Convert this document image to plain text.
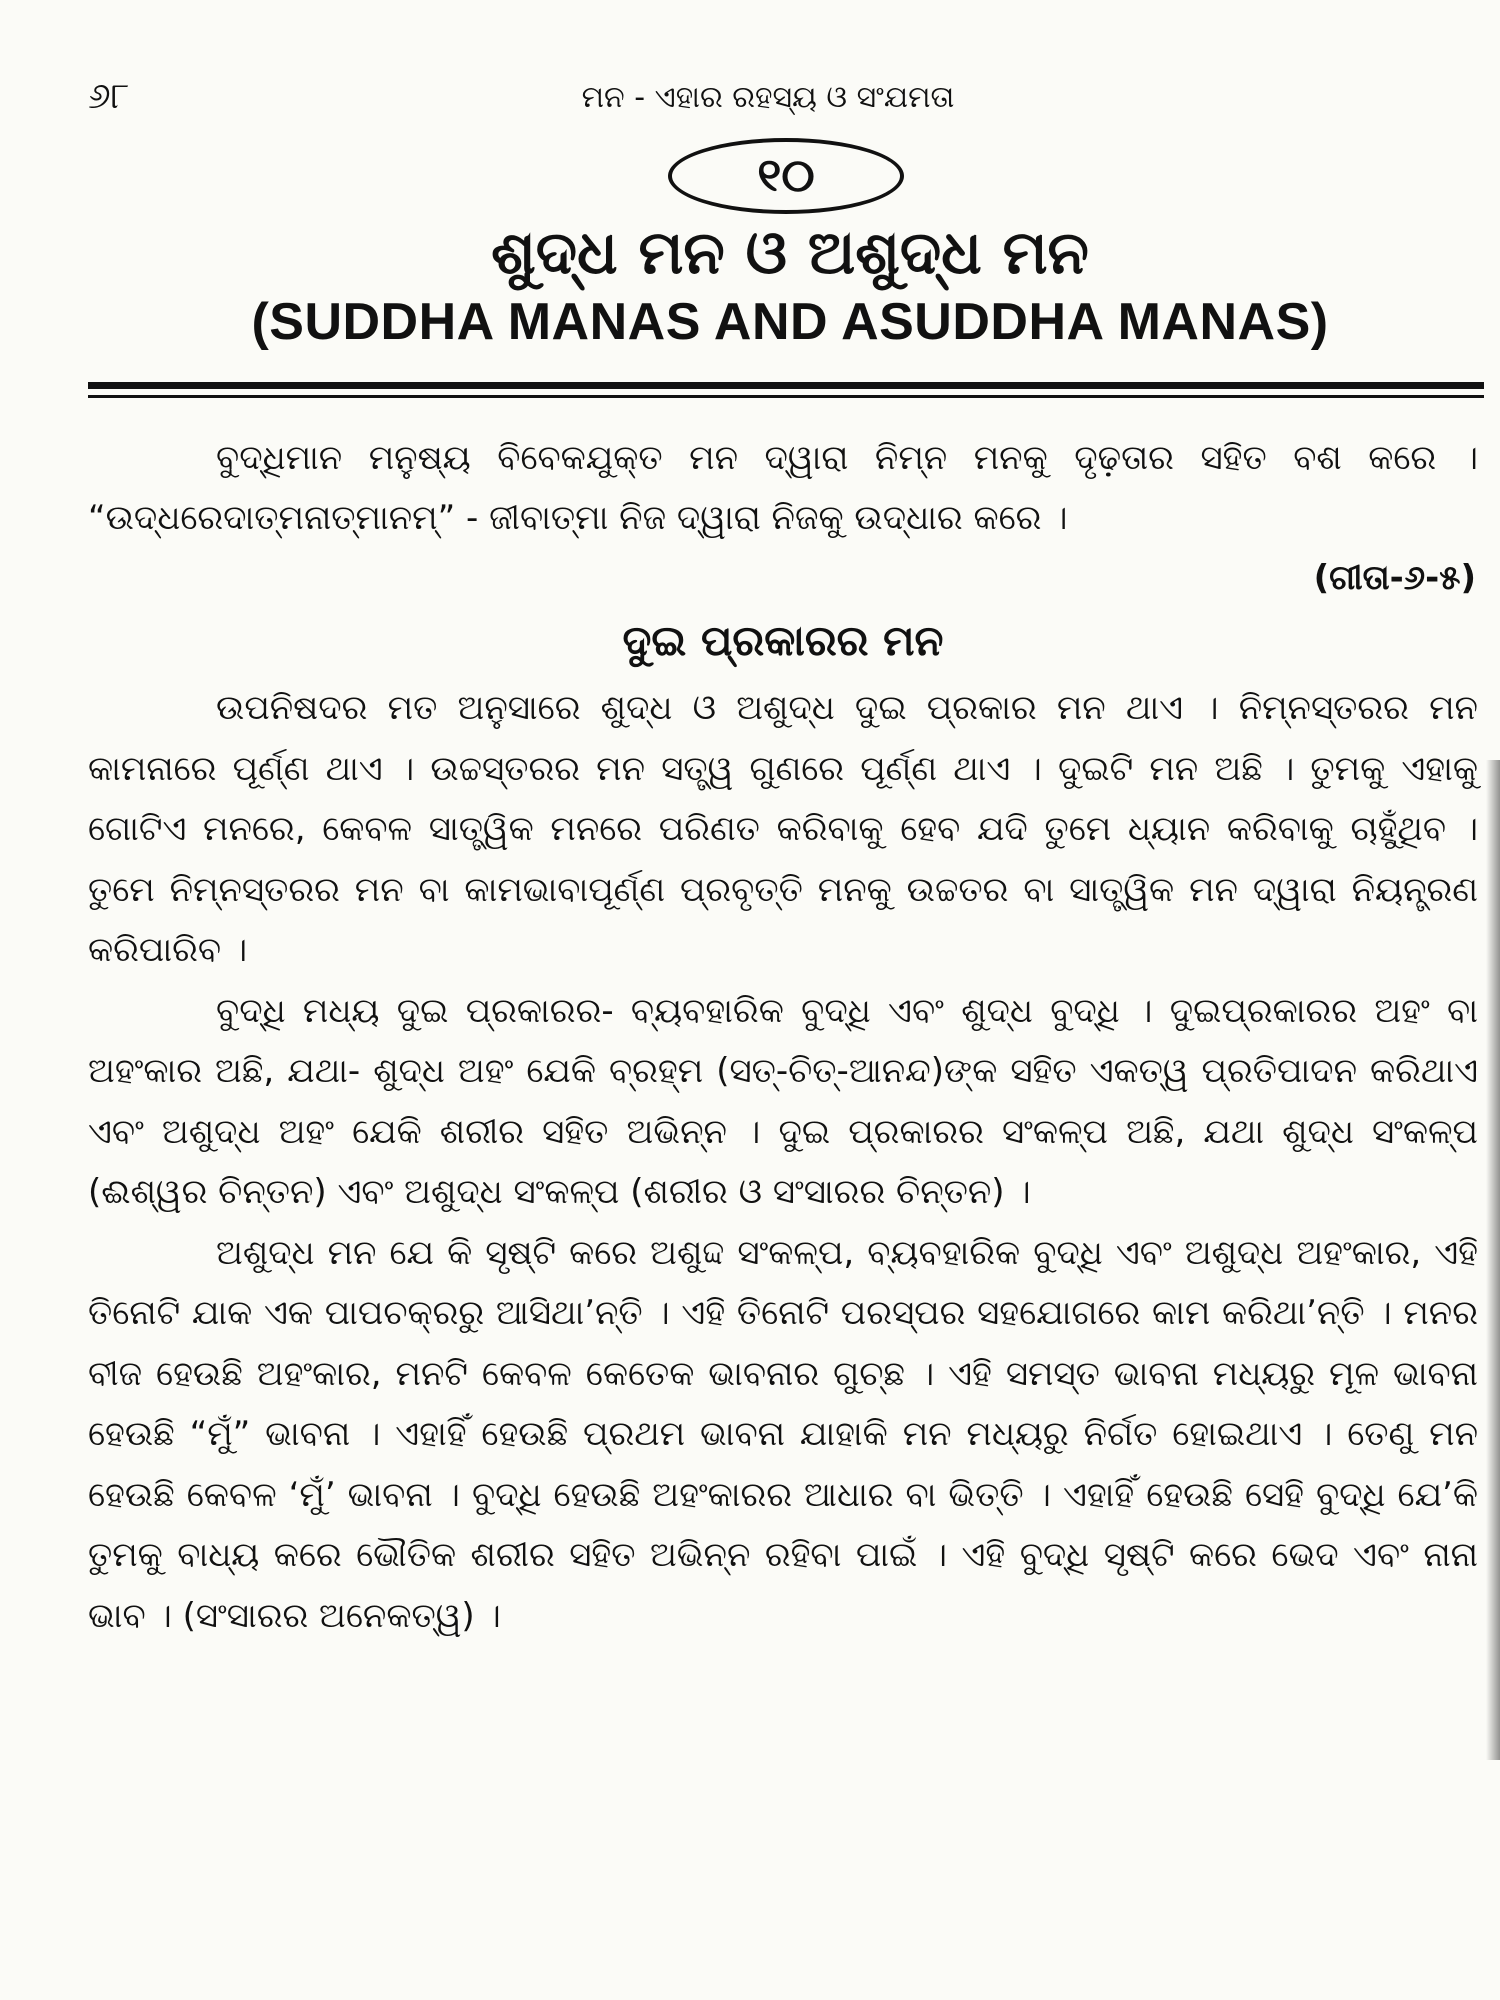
୬୮	ମନ - ଏହାର ରହସ୍ୟ ଓ ସଂଯମତା
୧୦
ଶୁଦ୍ଧ ମନ ଓ ଅଶୁଦ୍ଧ ମନ
(SUDDHA MANAS AND ASUDDHA MANAS)

ବୁଦ୍ଧିମାନ ମନୁଷ୍ୟ ବିବେକଯୁକ୍ତ ମନ ଦ୍ୱାରା ନିମ୍ନ ମନକୁ ଦୃଢ଼ତାର ସହିତ ବଶ କରେ । “ଉଦ୍ଧରେଦାତ୍ମନାତ୍ମାନମ୍” - ଜୀବାତ୍ମା ନିଜ ଦ୍ୱାରା ନିଜକୁ ଉଦ୍ଧାର କରେ ।

(ଗୀତା-୬-୫)
ଦୁଇ ପ୍ରକାରର ମନ

ଉପନିଷଦର ମତ ଅନୁସାରେ ଶୁଦ୍ଧ ଓ ଅଶୁଦ୍ଧ ଦୁଇ ପ୍ରକାର ମନ ଥାଏ । ନିମ୍ନସ୍ତରର ମନ କାମନାରେ ପୂର୍ଣ୍ଣ ଥାଏ । ଉଚ୍ଚସ୍ତରର ମନ ସତ୍ତ୍ୱ ଗୁଣରେ ପୂର୍ଣ୍ଣ ଥାଏ । ଦୁଇଟି ମନ ଅଛି । ତୁମକୁ ଏହାକୁ ଗୋଟିଏ ମନରେ, କେବଳ ସାତ୍ତ୍ୱିକ ମନରେ ପରିଣତ କରିବାକୁ ହେବ ଯଦି ତୁମେ ଧ୍ୟାନ କରିବାକୁ ଚାହୁଁଥିବ । ତୁମେ ନିମ୍ନସ୍ତରର ମନ ବା କାମଭାବାପୂର୍ଣ୍ଣ ପ୍ରବୃତ୍ତି ମନକୁ ଉଚ୍ଚତର ବା ସାତ୍ତ୍ୱିକ ମନ ଦ୍ୱାରା ନିୟନ୍ତ୍ରଣ କରିପାରିବ ।

ବୁଦ୍ଧି ମଧ୍ୟ ଦୁଇ ପ୍ରକାରର- ବ୍ୟବହାରିକ ବୁଦ୍ଧି ଏବଂ ଶୁଦ୍ଧ ବୁଦ୍ଧି । ଦୁଇପ୍ରକାରର ଅହଂ ବା ଅହଂକାର ଅଛି, ଯଥା- ଶୁଦ୍ଧ ଅହଂ ଯେକି ବ୍ରହ୍ମ (ସତ୍-ଚିତ୍-ଆନନ୍ଦ)ଙ୍କ ସହିତ ଏକତ୍ୱ ପ୍ରତିପାଦନ କରିଥାଏ ଏବଂ ଅଶୁଦ୍ଧ ଅହଂ ଯେକି ଶରୀର ସହିତ ଅଭିନ୍ନ । ଦୁଇ ପ୍ରକାରର ସଂକଳ୍ପ ଅଛି, ଯଥା ଶୁଦ୍ଧ ସଂକଳ୍ପ (ଈଶ୍ୱର ଚିନ୍ତନ) ଏବଂ ଅଶୁଦ୍ଧ ସଂକଳ୍ପ (ଶରୀର ଓ ସଂସାରର ଚିନ୍ତନ) ।

ଅଶୁଦ୍ଧ ମନ ଯେ କି ସୃଷ୍ଟି କରେ ଅଶୁଦ୍ଦ ସଂକଳ୍ପ, ବ୍ୟବହାରିକ ବୁଦ୍ଧି ଏବଂ ଅଶୁଦ୍ଧ ଅହଂକାର, ଏହି ତିନୋଟି ଯାକ ଏକ ପାପଚକ୍ରରୁ ଆସିଥା’ନ୍ତି । ଏହି ତିନୋଟି ପରସ୍ପର ସହଯୋଗରେ କାମ କରିଥା’ନ୍ତି । ମନର ବୀଜ ହେଉଛି ଅହଂକାର, ମନଟି କେବଳ କେତେକ ଭାବନାର ଗୁଚ୍ଛ । ଏହି ସମସ୍ତ ଭାବନା ମଧ୍ୟରୁ ମୂଳ ଭାବନା ହେଉଛି “ମୁଁ” ଭାବନା । ଏହାହିଁ ହେଉଛି ପ୍ରଥମ ଭାବନା ଯାହାକି ମନ ମଧ୍ୟରୁ ନିର୍ଗତ ହୋଇଥାଏ । ତେଣୁ ମନ ହେଉଛି କେବଳ ‘ମୁଁ’ ଭାବନା । ବୁଦ୍ଧି ହେଉଛି ଅହଂକାରର ଆଧାର ବା ଭିତ୍ତି । ଏହାହିଁ ହେଉଛି ସେହି ବୁଦ୍ଧି ଯେ’କି ତୁମକୁ ବାଧ୍ୟ କରେ ଭୌତିକ ଶରୀର ସହିତ ଅଭିନ୍ନ ରହିବା ପାଇଁ । ଏହି ବୁଦ୍ଧି ସୃଷ୍ଟି କରେ ଭେଦ ଏବଂ ନାନା ଭାବ । (ସଂସାରର ଅନେକତ୍ୱ) ।
